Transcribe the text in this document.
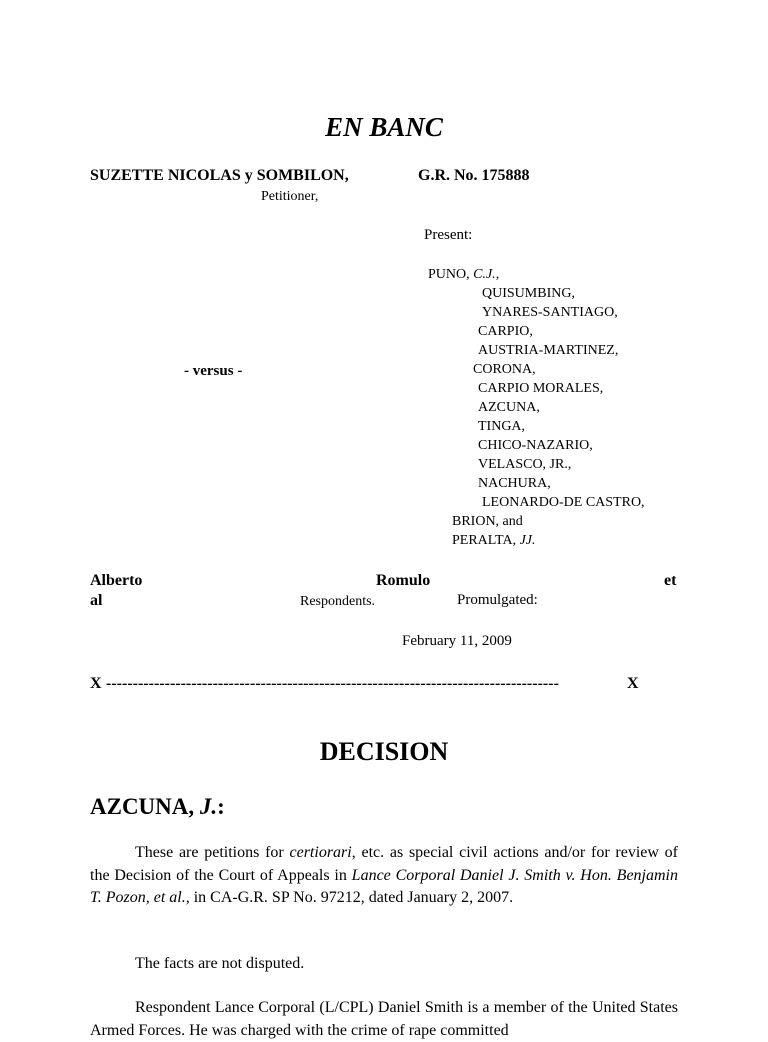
EN BANC
SUZETTE NICOLAS y SOMBILON,	G.R. No. 175888
Petitioner,
Present:
PUNO, C.J.,
QUISUMBING,
YNARES-SANTIAGO,
CARPIO,
AUSTRIA-MARTINEZ,
CORONA,
CARPIO MORALES,
AZCUNA,
TINGA,
CHICO-NAZARIO,
VELASCO, JR.,
NACHURA,
LEONARDO-DE CASTRO,
BRION, and
PERALTA, JJ.
- versus -
Alberto	Romulo	et
al	Respondents.	Promulgated:
February 11, 2009
X -------------------------------------------------------------------------------------	X
DECISION
AZCUNA, J.:
These are petitions for certiorari, etc. as special civil actions and/or for review of the Decision of the Court of Appeals in Lance Corporal Daniel J. Smith v. Hon. Benjamin T. Pozon, et al., in CA-G.R. SP No. 97212, dated January 2, 2007.
The facts are not disputed.
Respondent Lance Corporal (L/CPL) Daniel Smith is a member of the United States Armed Forces. He was charged with the crime of rape committed
